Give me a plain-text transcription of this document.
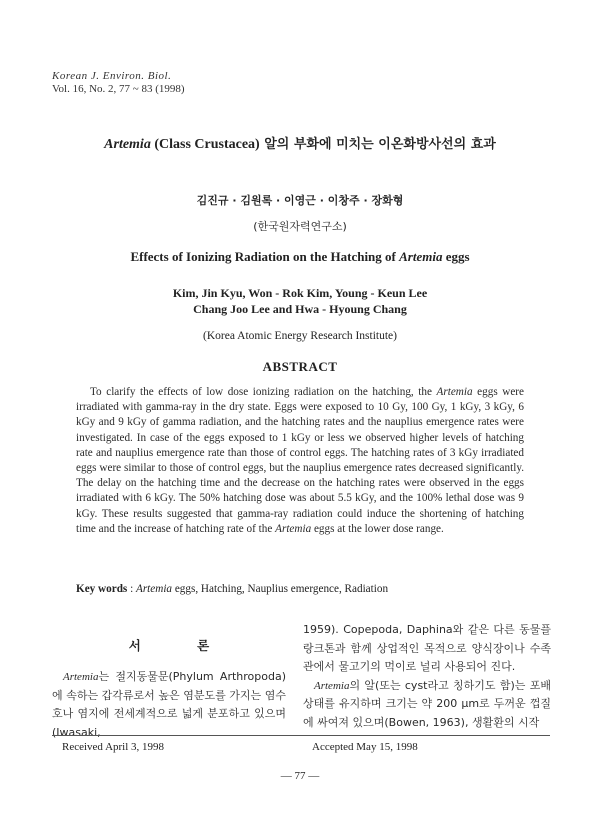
Korean J. Environ. Biol.
Vol. 16, No. 2, 77 ~ 83 (1998)
Artemia (Class Crustacea) 알의 부화에 미치는 이온화방사선의 효과
김진규 · 김원록 · 이영근 · 이창주 · 장화형
(한국원자력연구소)
Effects of Ionizing Radiation on the Hatching of Artemia eggs
Kim, Jin Kyu, Won - Rok Kim, Young - Keun Lee
Chang Joo Lee and Hwa - Hyoung Chang
(Korea Atomic Energy Research Institute)
ABSTRACT
To clarify the effects of low dose ionizing radiation on the hatching, the Artemia eggs were irradiated with gamma-ray in the dry state. Eggs were exposed to 10 Gy, 100 Gy, 1 kGy, 3 kGy, 6 kGy and 9 kGy of gamma radiation, and the hatching rates and the nauplius emergence rates were investigated. In case of the eggs exposed to 1 kGy or less we observed higher levels of hatching rate and nauplius emergence rate than those of control eggs. The hatching rates of 3 kGy irradiated eggs were similar to those of control eggs, but the nauplius emergence rates decreased significantly. The delay on the hatching time and the decrease on the hatching rates were observed in the eggs irradiated with 6 kGy. The 50% hatching dose was about 5.5 kGy, and the 100% lethal dose was 9 kGy. These results suggested that gamma-ray radiation could induce the shortening of hatching time and the increase of hatching rate of the Artemia eggs at the lower dose range.
Key words : Artemia eggs, Hatching, Nauplius emergence, Radiation
서 론
Artemia는 절지동물문(Phylum Arthropoda)에 속하는 갑각류로서 높은 염분도를 가지는 염수호나 염지에 전세계적으로 넓게 분포하고 있으며(Iwasaki,

1959). Copepoda, Daphina와 같은 다른 동물플랑크톤과 함께 상업적인 목적으로 양식장이나 수족관에서 물고기의 먹이로 널리 사용되어 진다.

Artemia의 알(또는 cyst라고 칭하기도 함)는 포배상태를 유지하며 크기는 약 200 μm로 두꺼운 껍질에 싸여져 있으며(Bowen, 1963), 생활환의 시작

Received April 3, 1998	Accepted May 15, 1998
— 77 —
